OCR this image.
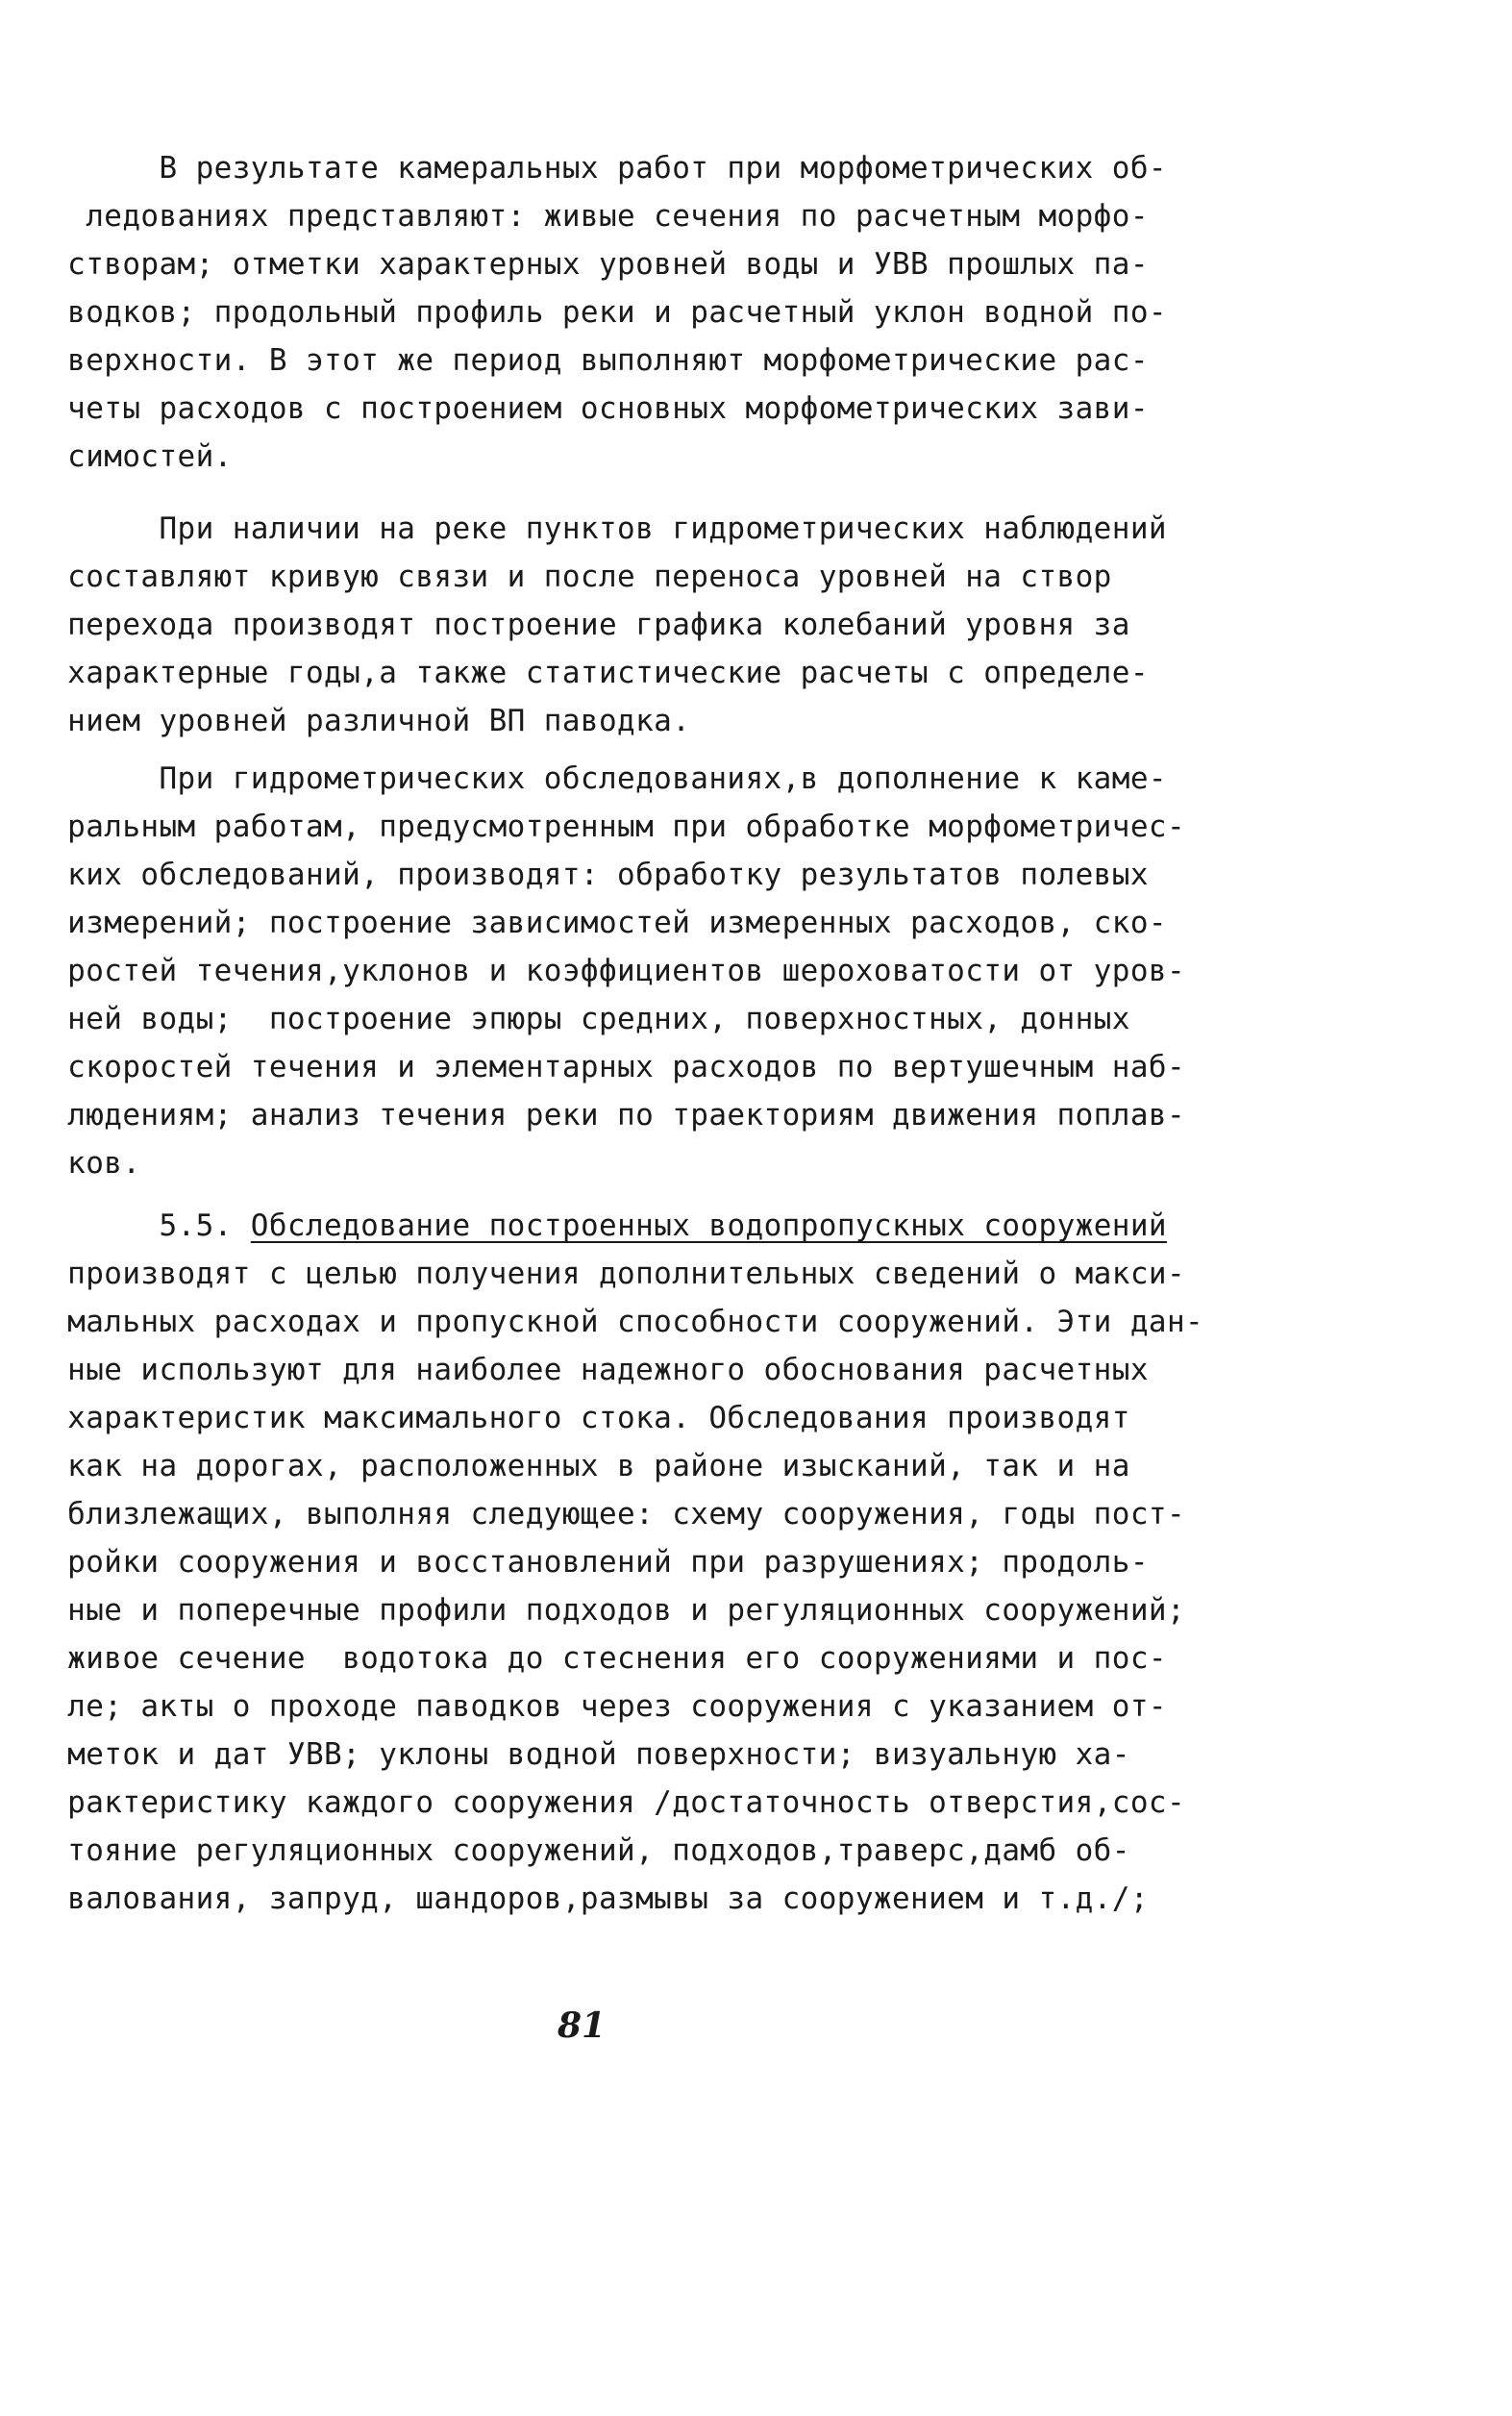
В результате камеральных работ при морфометрических об-
ледованиях представляют: живые сечения по расчетным морфо-
створам; отметки характерных уровней воды и УВВ прошлых па-
водков; продольный профиль реки и расчетный уклон водной по-
верхности. В этот же период выполняют морфометрические рас-
четы расходов с построением основных морфометрических зави-
симостей.
При наличии на реке пунктов гидрометрических наблюдений
составляют кривую связи и после переноса уровней на створ
перехода производят построение графика колебаний уровня за
характерные годы,а также статистические расчеты с определе-
нием уровней различной ВП паводка.
При гидрометрических обследованиях,в дополнение к каме-
ральным работам, предусмотренным при обработке морфометричес-
ких обследований, производят: обработку результатов полевых
измерений; построение зависимостей измеренных расходов, ско-
ростей течения,уклонов и коэффициентов шероховатости от уров-
ней воды;  построение эпюры средних, поверхностных, донных
скоростей течения и элементарных расходов по вертушечным наб-
людениям; анализ течения реки по траекториям движения поплав-
ков.
5.5. Обследование построенных водопропускных сооружений
производят с целью получения дополнительных сведений о макси-
мальных расходах и пропускной способности сооружений. Эти дан-
ные используют для наиболее надежного обоснования расчетных
характеристик максимального стока. Обследования производят
как на дорогах, расположенных в районе изысканий, так и на
близлежащих, выполняя следующее: схему сооружения, годы пост-
ройки сооружения и восстановлений при разрушениях; продоль-
ные и поперечные профили подходов и регуляционных сооружений;
живое сечение  водотока до стеснения его сооружениями и пос-
ле; акты о проходе паводков через сооружения с указанием от-
меток и дат УВВ; уклоны водной поверхности; визуальную ха-
рактеристику каждого сооружения /достаточность отверстия,сос-
тояние регуляционных сооружений, подходов,траверс,дамб об-
валования, запруд, шандоров,размывы за сооружением и т.д./;
81
